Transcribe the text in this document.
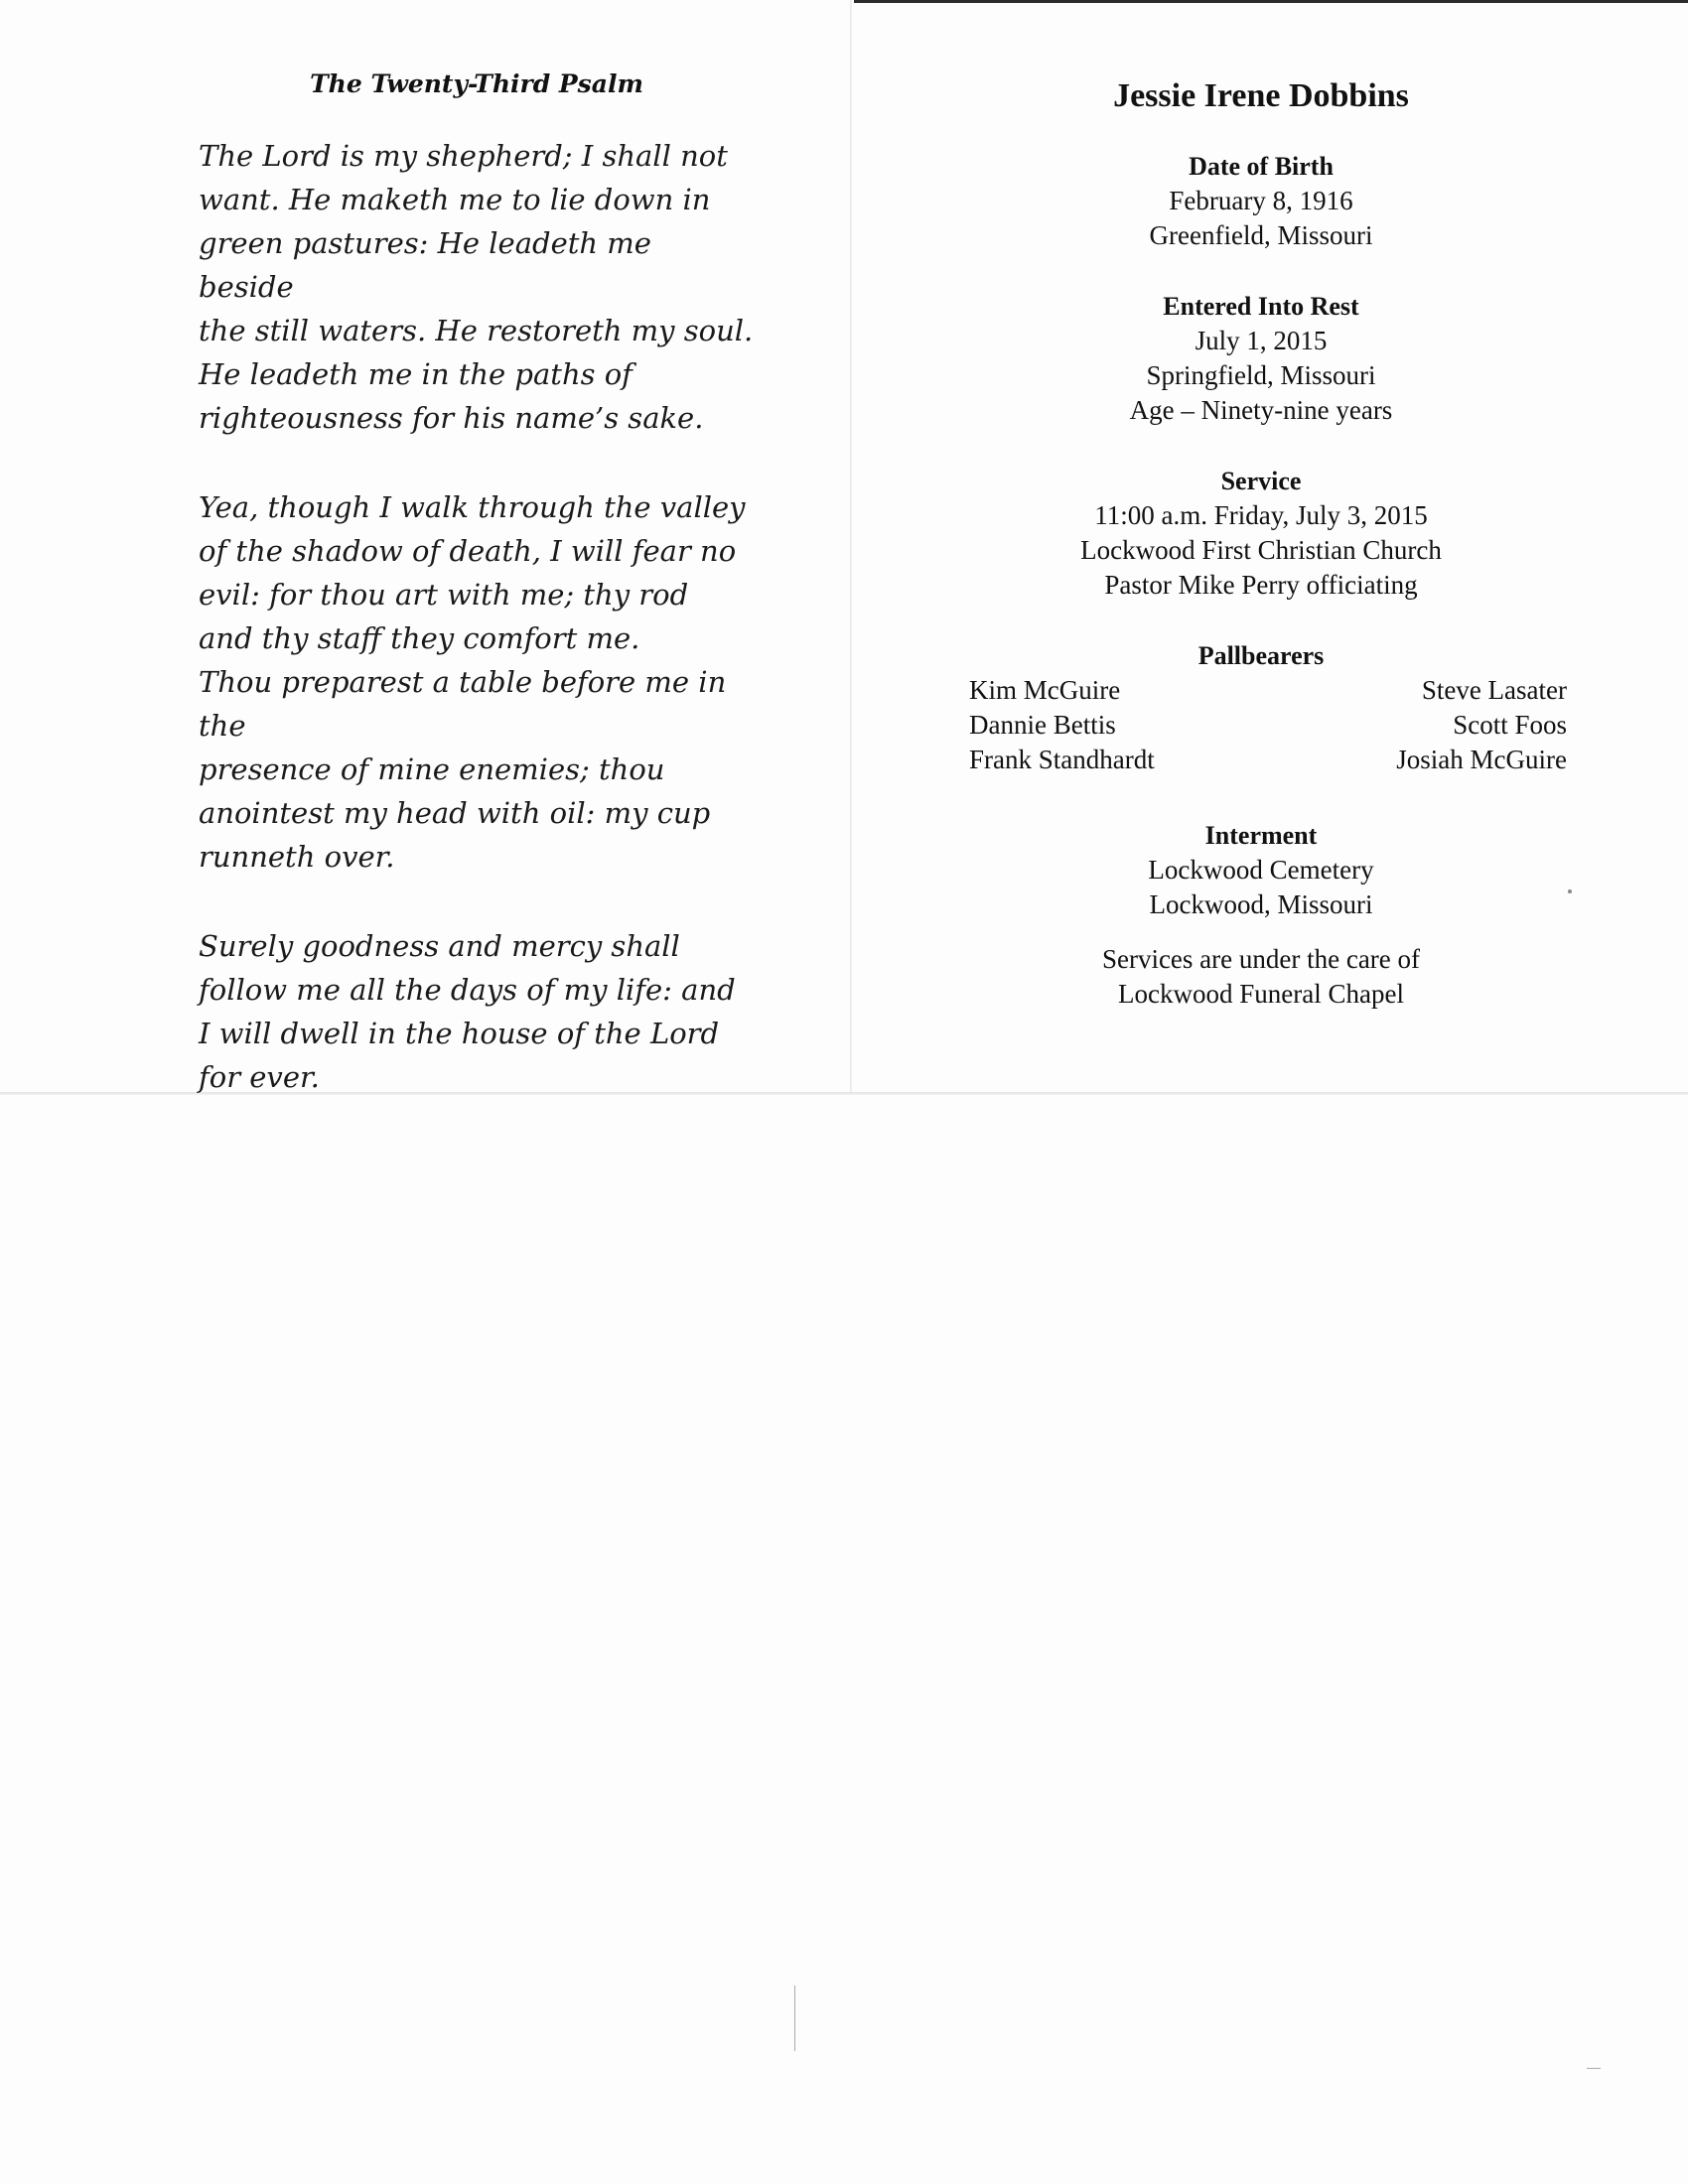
The Twenty-Third Psalm

The Lord is my shepherd; I shall not
want. He maketh me to lie down in
green pastures: He leadeth me beside
the still waters. He restoreth my soul.
He leadeth me in the paths of
righteousness for his name’s sake.

Yea, though I walk through the valley
of the shadow of death, I will fear no
evil: for thou art with me; thy rod
and thy staff they comfort me.
Thou preparest a table before me in the
presence of mine enemies; thou
anointest my head with oil: my cup
runneth over.

Surely goodness and mercy shall
follow me all the days of my life: and
I will dwell in the house of the Lord
for ever.

Jessie Irene Dobbins
Date of Birth
February 8, 1916
Greenfield, Missouri
Entered Into Rest
July 1, 2015
Springfield, Missouri
Age – Ninety-nine years
Service
11:00 a.m. Friday, July 3, 2015
Lockwood First Christian Church
Pastor Mike Perry officiating
Pallbearers
Kim McGuire
Dannie Bettis
Frank Standhardt
Steve Lasater
Scott Foos
Josiah McGuire
Interment
Lockwood Cemetery
Lockwood, Missouri
Services are under the care of
Lockwood Funeral Chapel
